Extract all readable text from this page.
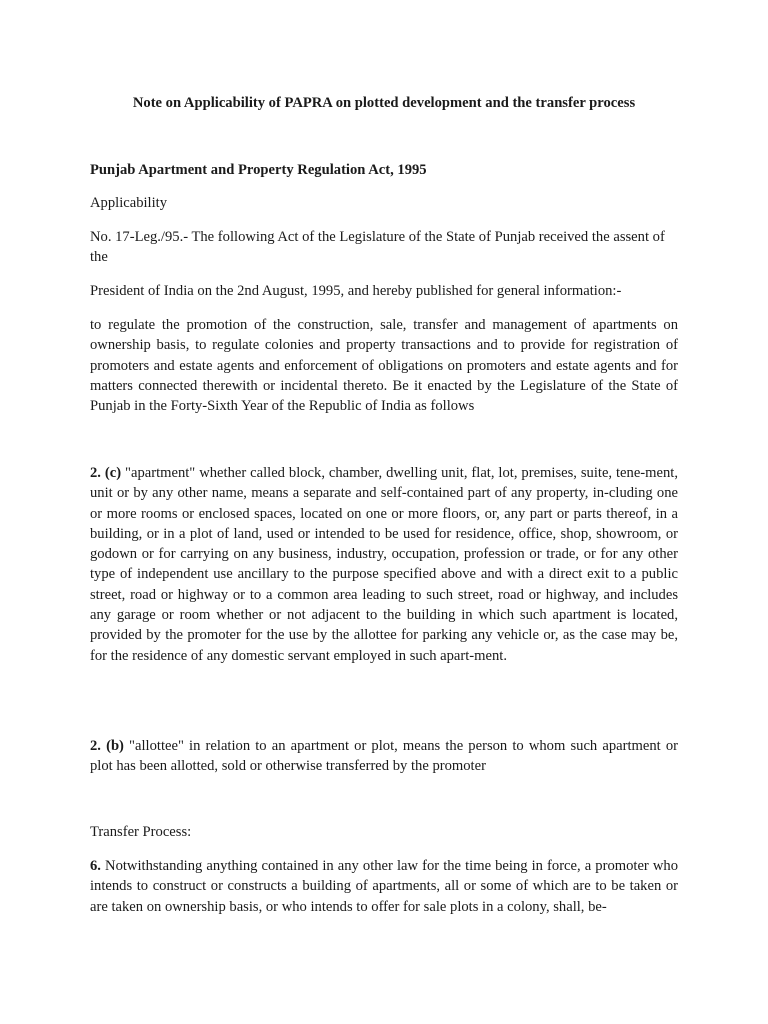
Note on Applicability of PAPRA on plotted development and the transfer process

Punjab Apartment and Property Regulation Act, 1995

Applicability

No. 17-Leg./95.- The following Act of the Legislature of the State of Punjab received the assent of the

President of India on the 2nd August, 1995, and hereby published for general information:-

to regulate the promotion of the construction, sale, transfer and management of apartments on ownership basis, to regulate colonies and property transactions and to provide for registration of promoters and estate agents and enforcement of obligations on promoters and estate agents and for matters connected therewith or incidental thereto. Be it enacted by the Legislature of the State of Punjab in the Forty-Sixth Year of the Republic of India as follows

2. (c) "apartment" whether called block, chamber, dwelling unit, flat, lot, premises, suite, tene-ment, unit or by any other name, means a separate and self-contained part of any property, in-cluding one or more rooms or enclosed spaces, located on one or more floors, or, any part or parts thereof, in a building, or in a plot of land, used or intended to be used for residence, office, shop, showroom, or godown or for carrying on any business, industry, occupation, profession or trade, or for any other type of independent use ancillary to the purpose specified above and with a direct exit to a public street, road or highway or to a common area leading to such street, road or highway, and includes any garage or room whether or not adjacent to the building in which such apartment is located, provided by the promoter for the use by the allottee for parking any vehicle or, as the case may be, for the residence of any domestic servant employed in such apart-ment.

2. (b) "allottee" in relation to an apartment or plot, means the person to whom such apartment or plot has been allotted, sold or otherwise transferred by the promoter

Transfer Process:

6. Notwithstanding anything contained in any other law for the time being in force, a promoter who intends to construct or constructs a building of apartments, all or some of which are to be taken or are taken on ownership basis, or who intends to offer for sale plots in a colony, shall, be-
